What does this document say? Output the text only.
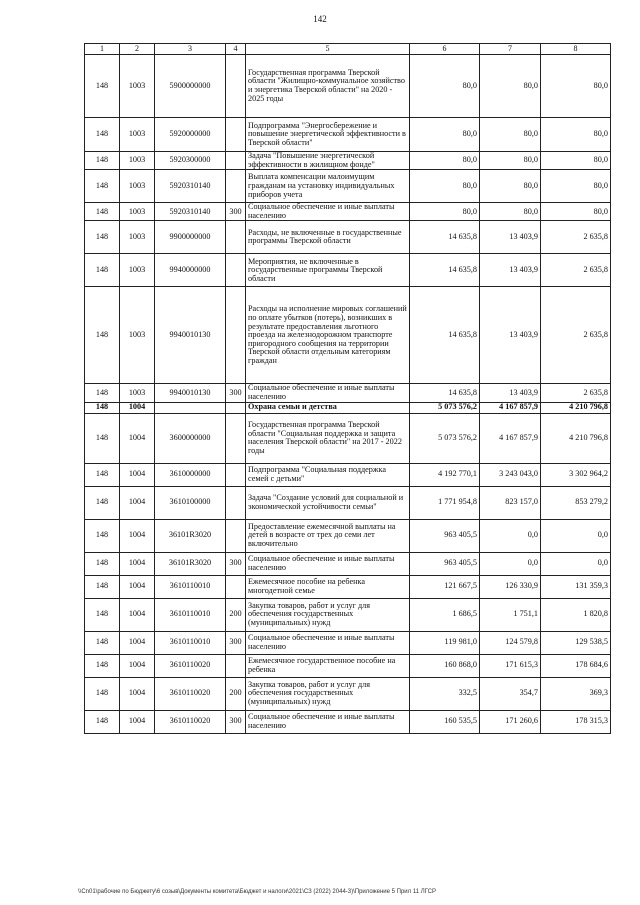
142
1	2	3	4	5	6	7	8
148	1003	5900000000		Государственная программа Тверской области "Жилищно-коммунальное хозяйство и энергетика Тверской области" на 2020 - 2025 годы	80,0	80,0	80,0
148	1003	5920000000		Подпрограмма "Энергосбережение и повышение энергетической эффективности в Тверской области"	80,0	80,0	80,0
148	1003	5920300000		Задача "Повышение энергетической эффективности в жилищном фонде"	80,0	80,0	80,0
148	1003	5920310140		Выплата компенсации малоимущим гражданам на установку индивидуальных приборов учета	80,0	80,0	80,0
148	1003	5920310140	300	Социальное обеспечение и иные выплаты населению	80,0	80,0	80,0
148	1003	9900000000		Расходы, не включенные в государственные программы Тверской области	14 635,8	13 403,9	2 635,8
148	1003	9940000000		Мероприятия, не включенные в государственные программы Тверской области	14 635,8	13 403,9	2 635,8
148	1003	9940010130		Расходы на исполнение мировых соглашений по оплате убытков (потерь), возникших в результате предоставления льготного проезда на железнодорожном транспорте пригородного сообщения на территории Тверской области отдельным категориям граждан	14 635,8	13 403,9	2 635,8
148	1003	9940010130	300	Социальное обеспечение и иные выплаты населению	14 635,8	13 403,9	2 635,8
148	1004			Охрана семьи и детства	5 073 576,2	4 167 857,9	4 210 796,8
148	1004	3600000000		Государственная программа Тверской области "Социальная поддержка и защита населения Тверской области" на 2017 - 2022 годы	5 073 576,2	4 167 857,9	4 210 796,8
148	1004	3610000000		Подпрограмма "Социальная поддержка семей с детьми"	4 192 770,1	3 243 043,0	3 302 964,2
148	1004	3610100000		Задача "Создание условий для социальной и экономической устойчивости семьи"	1 771 954,8	823 157,0	853 279,2
148	1004	36101R3020		Предоставление ежемесячной выплаты на детей в возрасте от трех до семи лет включительно	963 405,5	0,0	0,0
148	1004	36101R3020	300	Социальное обеспечение и иные выплаты населению	963 405,5	0,0	0,0
148	1004	3610110010		Ежемесячное пособие на ребенка многодетной семье	121 667,5	126 330,9	131 359,3
148	1004	3610110010	200	Закупка товаров, работ и услуг для обеспечения государственных (муниципальных) нужд	1 686,5	1 751,1	1 820,8
148	1004	3610110010	300	Социальное обеспечение и иные выплаты населению	119 981,0	124 579,8	129 538,5
148	1004	3610110020		Ежемесячное государственное пособие на ребенка	160 868,0	171 615,3	178 684,6
148	1004	3610110020	200	Закупка товаров, работ и услуг для обеспечения государственных (муниципальных) нужд	332,5	354,7	369,3
148	1004	3610110020	300	Социальное обеспечение и иные выплаты населению	160 535,5	171 260,6	178 315,3
\\Cn01\рабочие по Бюджету\6 созыв\Документы комитета\Бюджет и налоги\2021\СЗ (2022) 2044-3)\Приложение 5 Прил 11 ЛГСР
